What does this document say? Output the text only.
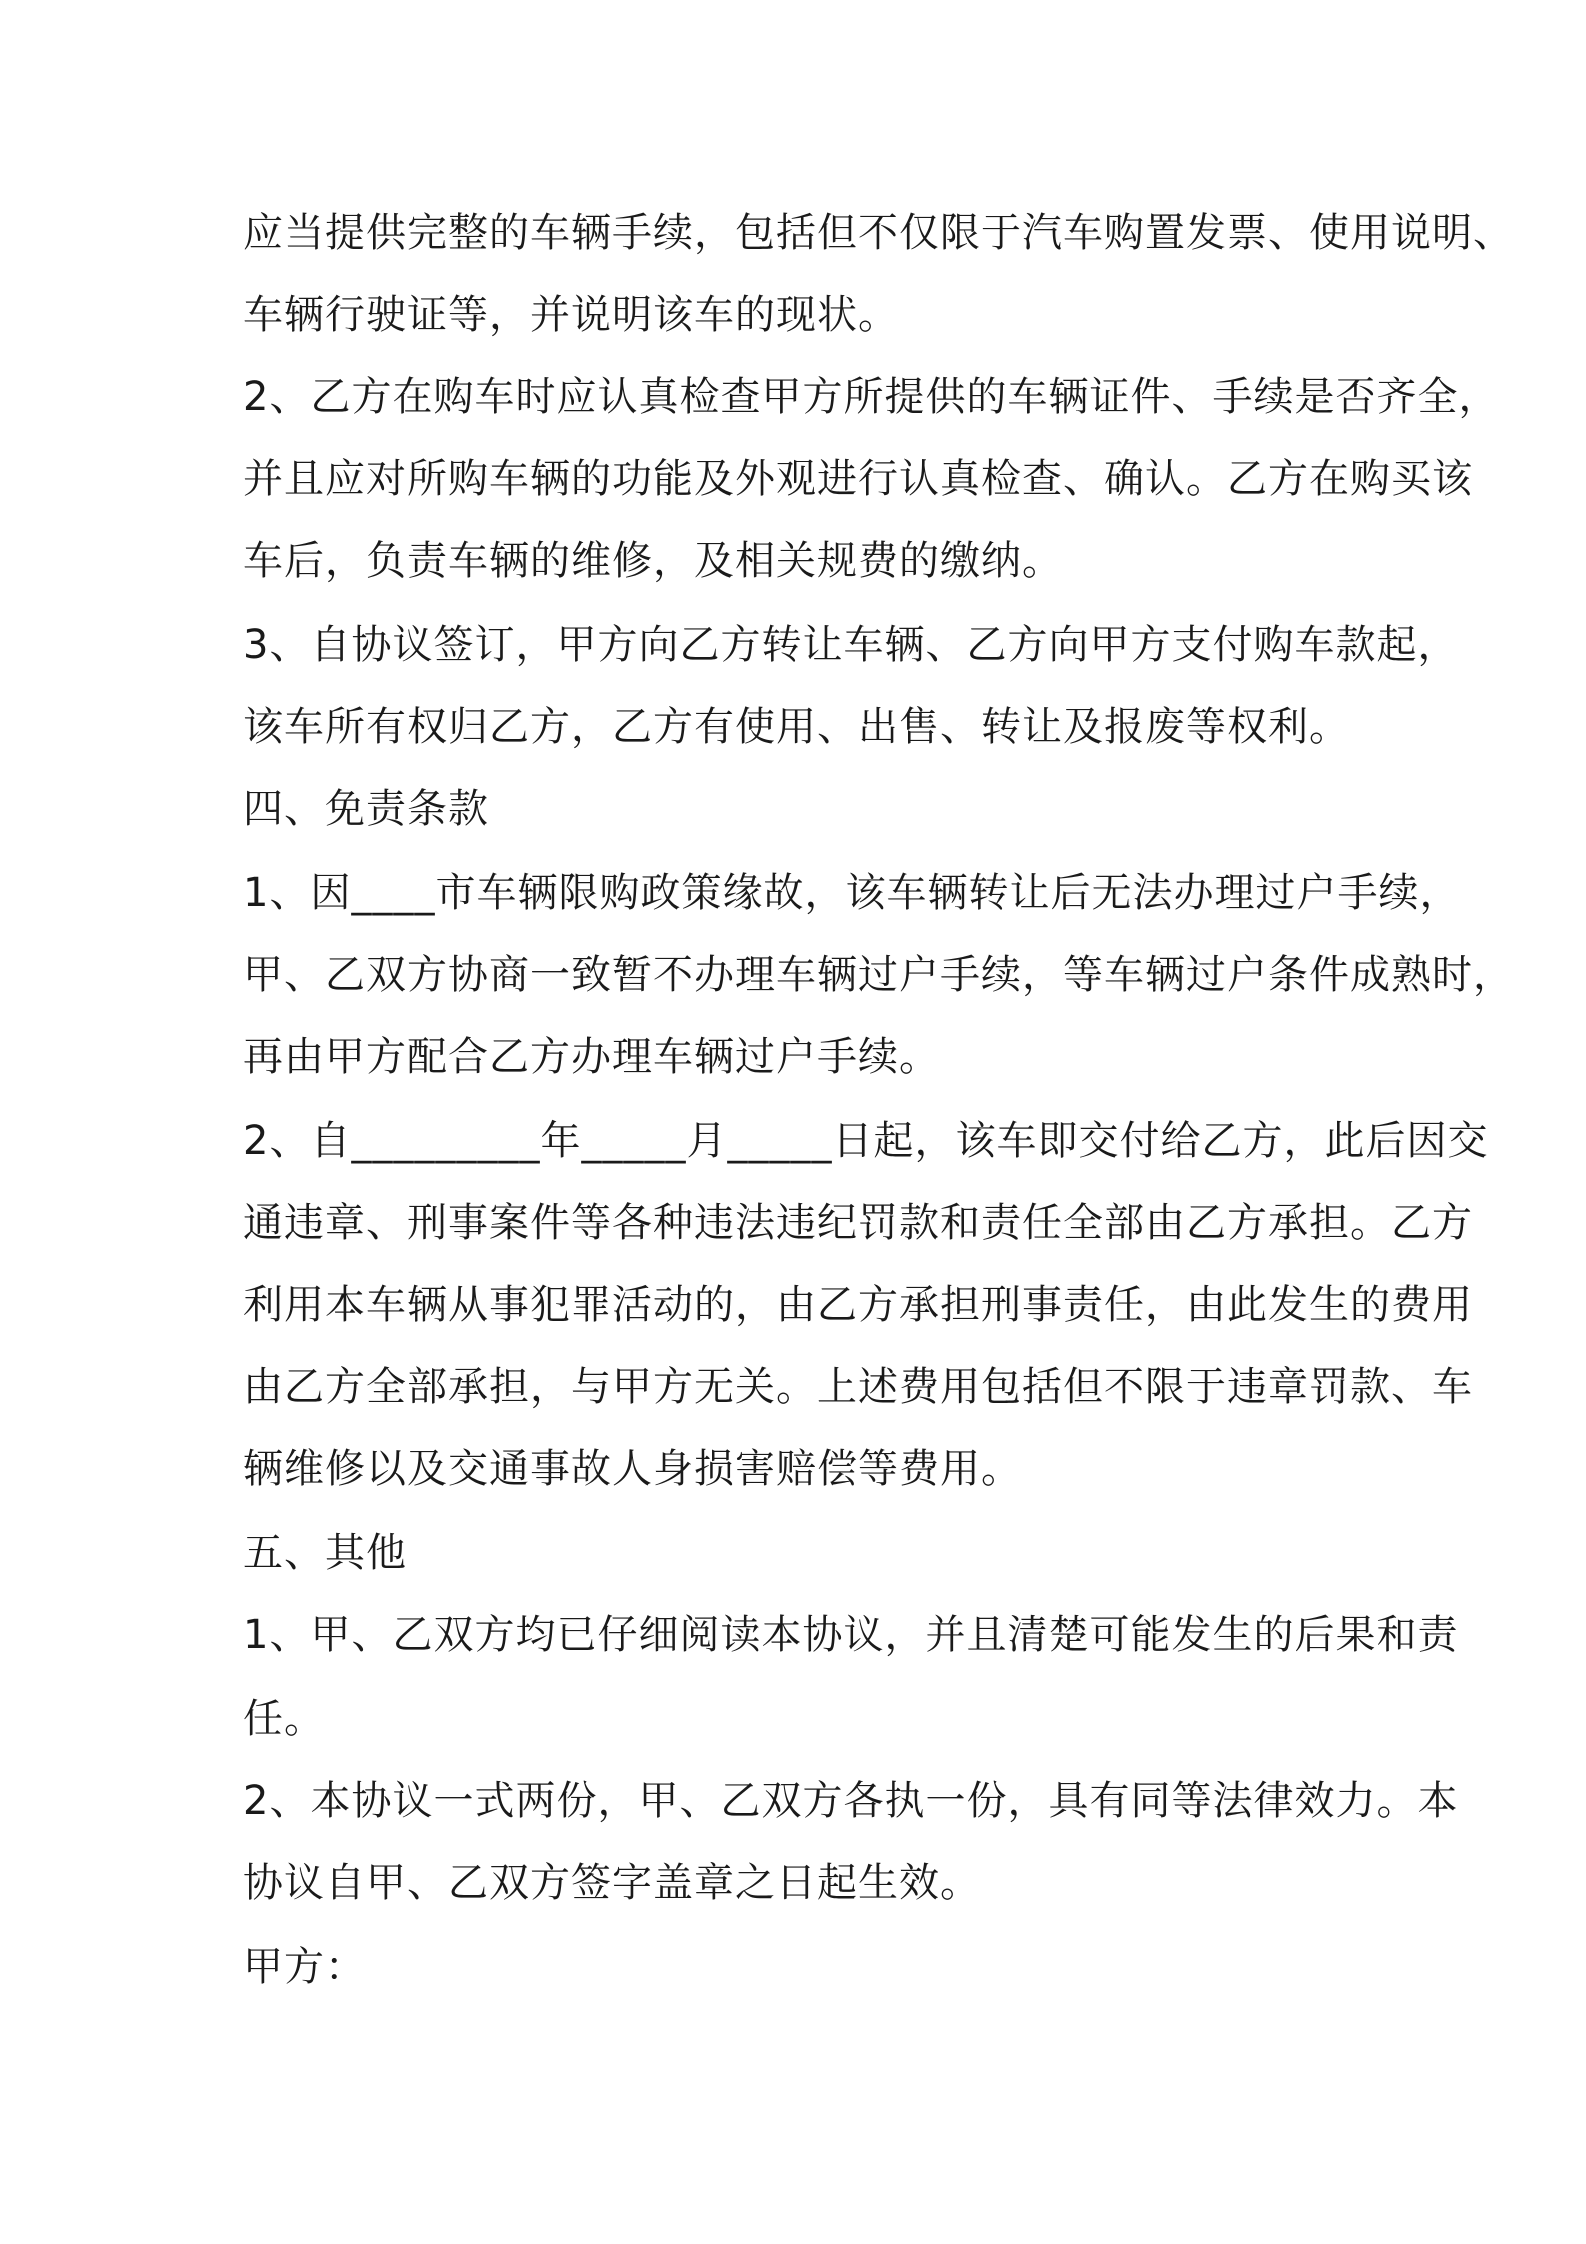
应当提供完整的车辆手续，包括但不仅限于汽车购置发票、使用说明、
车辆行驶证等，并说明该车的现状。
2、乙方在购车时应认真检查甲方所提供的车辆证件、手续是否齐全，
并且应对所购车辆的功能及外观进行认真检查、确认。乙方在购买该
车后，负责车辆的维修，及相关规费的缴纳。
3、自协议签订，甲方向乙方转让车辆、乙方向甲方支付购车款起，
该车所有权归乙方，乙方有使用、出售、转让及报废等权利。
四、免责条款
1、因____市车辆限购政策缘故，该车辆转让后无法办理过户手续，
甲、乙双方协商一致暂不办理车辆过户手续，等车辆过户条件成熟时，
再由甲方配合乙方办理车辆过户手续。
2、自_________年_____月_____日起，该车即交付给乙方，此后因交
通违章、刑事案件等各种违法违纪罚款和责任全部由乙方承担。乙方
利用本车辆从事犯罪活动的，由乙方承担刑事责任，由此发生的费用
由乙方全部承担，与甲方无关。上述费用包括但不限于违章罚款、车
辆维修以及交通事故人身损害赔偿等费用。
五、其他
1、甲、乙双方均已仔细阅读本协议，并且清楚可能发生的后果和责
任。
2、本协议一式两份，甲、乙双方各执一份，具有同等法律效力。本
协议自甲、乙双方签字盖章之日起生效。
甲方：
